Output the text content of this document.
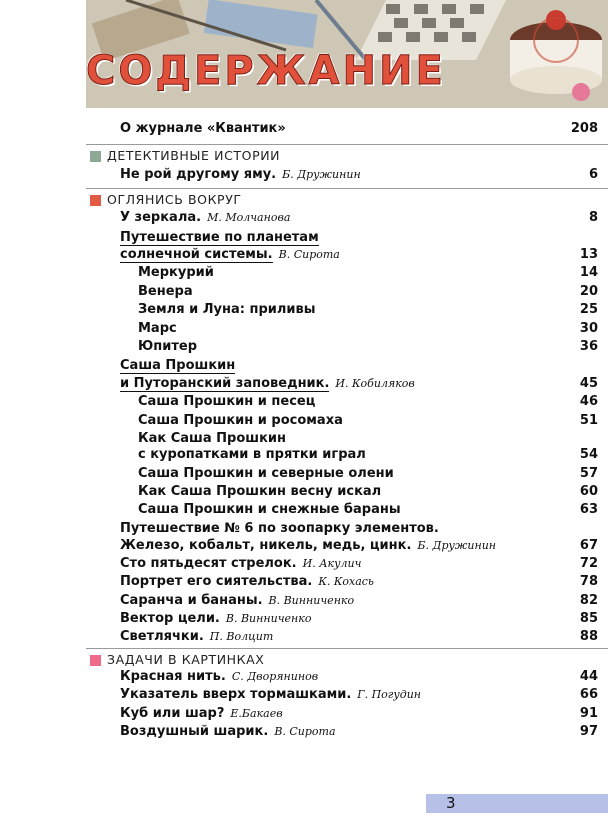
СОДЕРЖАНИЕ
О журнале «Квантик»	208
ДЕТЕКТИВНЫЕ ИСТОРИИ
Не рой другому яму. Б. Дружинин	6
У зеркала. М. Молчанова	8
Путешествие по планетам
солнечной системы. В. Сирота	13
Меркурий	14
Венера	20
Земля и Луна: приливы	25
Марс	30
Юпитер	36
Саша Прошкин
и Путоранский заповедник. И. Кобиляков	45
Саша Прошкин и песец	46
Саша Прошкин и росомаха	51
Как Саша Прошкин
с куропатками в прятки играл	54
Саша Прошкин и северные олени	57
Как Саша Прошкин весну искал	60
Саша Прошкин и снежные бараны	63
Путешествие № 6 по зоопарку элементов.
Железо, кобальт, никель, медь, цинк. Б. Дружинин	67
Сто пятьдесят стрелок. И. Акулич	72
Портрет его сиятельства. К. Кохась	78
Саранча и бананы. В. Винниченко	82
Вектор цели. В. Винниченко	85
Светлячки. П. Волцит	88
Красная нить. С. Дворянинов	44
Указатель вверх тормашками. Г. Погудин	66
Куб или шар? Е.Бакаев	91
Воздушный шарик. В. Сирота	97
ОГЛЯНИСЬ ВОКРУГ
ЗАДАЧИ В КАРТИНКАХ
3
